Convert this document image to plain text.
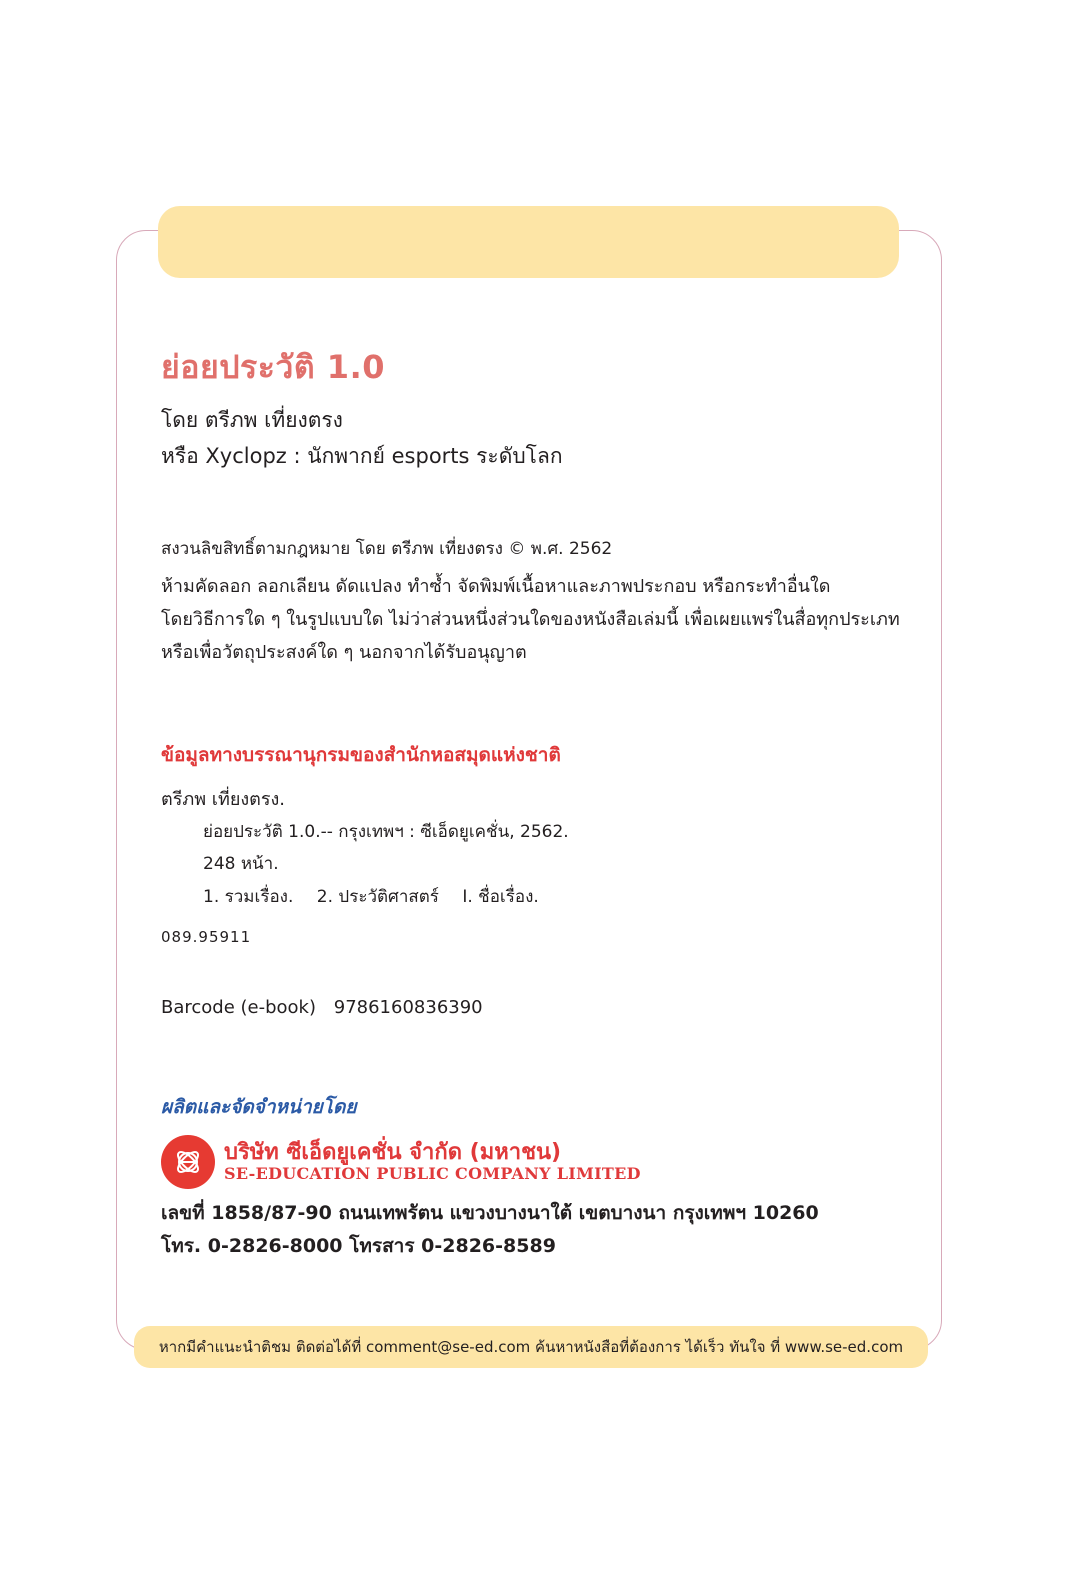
ย่อยประวัติ 1.0
โดย ตรีภพ เที่ยงตรง
หรือ Xyclopz : นักพากย์ esports ระดับโลก
สงวนลิขสิทธิ์ตามกฎหมาย โดย ตรีภพ เที่ยงตรง © พ.ศ. 2562
ห้ามคัดลอก ลอกเลียน ดัดแปลง ทำซ้ำ จัดพิมพ์เนื้อหาและภาพประกอบ หรือกระทำอื่นใด
โดยวิธีการใด ๆ ในรูปแบบใด ไม่ว่าส่วนหนึ่งส่วนใดของหนังสือเล่มนี้ เพื่อเผยแพร่ในสื่อทุกประเภท
หรือเพื่อวัตถุประสงค์ใด ๆ นอกจากได้รับอนุญาต
ข้อมูลทางบรรณานุกรมของสำนักหอสมุดแห่งชาติ
ตรีภพ เที่ยงตรง.
ย่อยประวัติ 1.0.-- กรุงเทพฯ : ซีเอ็ดยูเคชั่น, 2562.
248 หน้า.
1. รวมเรื่อง. 2. ประวัติศาสตร์ I. ชื่อเรื่อง.
089.95911
Barcode (e-book) 9786160836390
ผลิตและจัดจำหน่ายโดย
บริษัท ซีเอ็ดยูเคชั่น จำกัด (มหาชน)
SE-EDUCATION PUBLIC COMPANY LIMITED
เลขที่ 1858/87-90 ถนนเทพรัตน แขวงบางนาใต้ เขตบางนา กรุงเทพฯ 10260
โทร. 0-2826-8000 โทรสาร 0-2826-8589
หากมีคำแนะนำติชม ติดต่อได้ที่ comment@se-ed.com ค้นหาหนังสือที่ต้องการ ได้เร็ว ทันใจ ที่ www.se-ed.com
